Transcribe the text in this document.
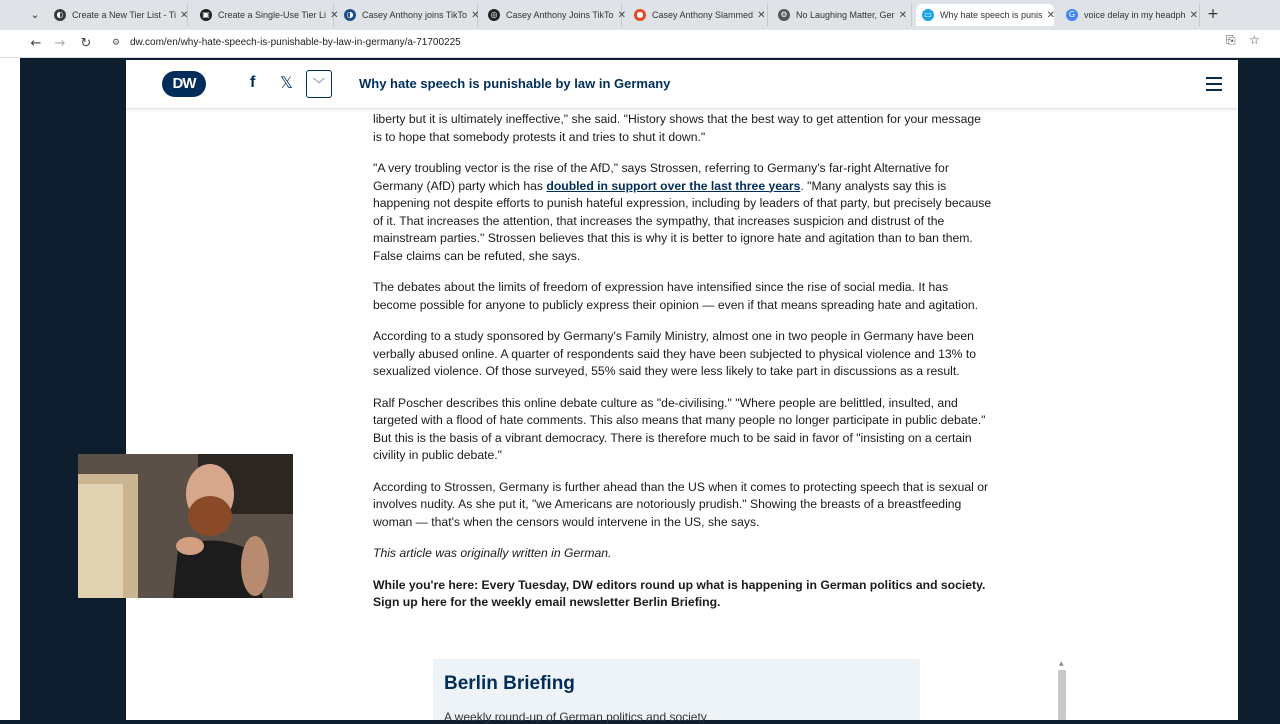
⌄	◐ Create a New Tier List - Ti ✕ ▣ Create a Single-Use Tier Li ✕	◑ Casey Anthony joins TikTo ✕	◎ Casey Anthony Joins TikTo ✕	● Casey Anthony Slammed ✕	⚙ No Laughing Matter, Ger ✕ ▭ Why hate speech is punis ✕	G voice delay in my headph ✕ +
← → ↻ ⚙ dw.com/en/why-hate-speech-is-punishable-by-law-in-germany/a-71700225	⎘ ☆
DW	f 𝕏	﹀	Why hate speech is punishable by law in Germany

liberty but it is ultimately ineffective," she said. "History shows that the best way to get attention for your message is to hope that somebody protests it and tries to shut it down."

"A very troubling vector is the rise of the AfD," says Strossen, referring to Germany's far-right Alternative for Germany (AfD) party which has doubled in support over the last three years. "Many analysts say this is happening not despite efforts to punish hateful expression, including by leaders of that party, but precisely because of it. That increases the attention, that increases the sympathy, that increases suspicion and distrust of the mainstream parties." Strossen believes that this is why it is better to ignore hate and agitation than to ban them. False claims can be refuted, she says.

The debates about the limits of freedom of expression have intensified since the rise of social media. It has become possible for anyone to publicly express their opinion — even if that means spreading hate and agitation.

According to a study sponsored by Germany's Family Ministry, almost one in two people in Germany have been verbally abused online. A quarter of respondents said they have been subjected to physical violence and 13% to sexualized violence. Of those surveyed, 55% said they were less likely to take part in discussions as a result.

Ralf Poscher describes this online debate culture as "de-civilising." "Where people are belittled, insulted, and targeted with a flood of hate comments. This also means that many people no longer participate in public debate." But this is the basis of a vibrant democracy. There is therefore much to be said in favor of "insisting on a certain civility in public debate."

According to Strossen, Germany is further ahead than the US when it comes to protecting speech that is sexual or involves nudity. As she put it, "we Americans are notoriously prudish." Showing the breasts of a breastfeeding woman — that's when the censors would intervene in the US, she says.

This article was originally written in German.

While you're here: Every Tuesday, DW editors round up what is happening in German politics and society. Sign up here for the weekly email newsletter Berlin Briefing.

Berlin Briefing
A weekly round-up of German politics and society
▲
